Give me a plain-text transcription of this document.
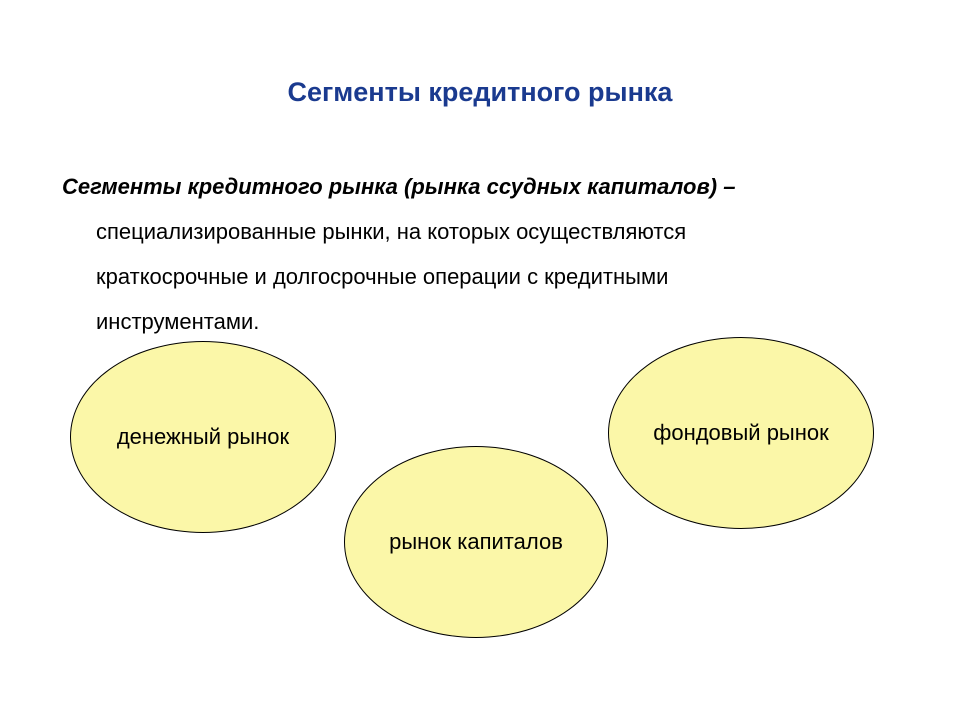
Сегменты кредитного рынка
Сегменты кредитного рынка (рынка ссудных капиталов) –
специализированные рынки, на которых осуществляются
краткосрочные и долгосрочные операции с кредитными
инструментами.
денежный рынок	фондовый рынок
рынок капиталов
